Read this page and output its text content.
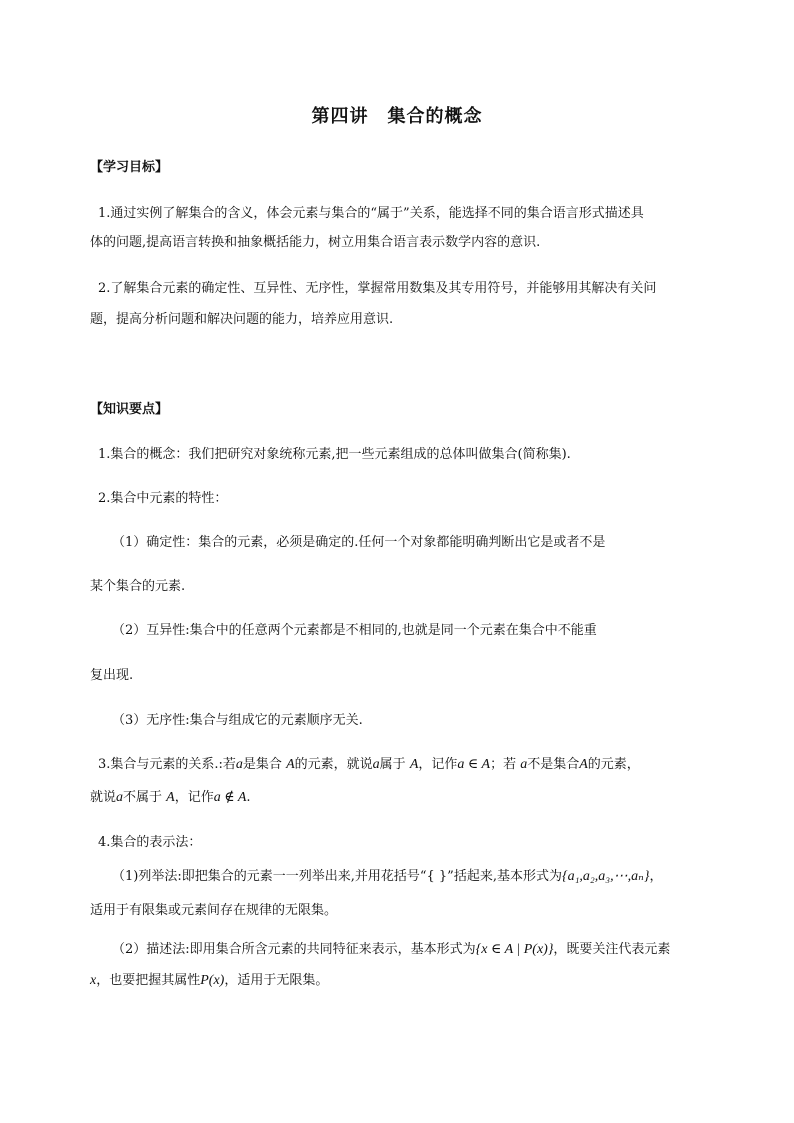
第四讲　集合的概念
【学习目标】
1.通过实例了解集合的含义，体会元素与集合的“属于”关系，能选择不同的集合语言形式描述具
体的问题,提高语言转换和抽象概括能力，树立用集合语言表示数学内容的意识.
2.了解集合元素的确定性、互异性、无序性，掌握常用数集及其专用符号，并能够用其解决有关问
题，提高分析问题和解决问题的能力，培养应用意识.
【知识要点】
1.集合的概念：我们把研究对象统称元素,把一些元素组成的总体叫做集合(简称集).
2.集合中元素的特性：
（1）确定性：集合的元素，必须是确定的.任何一个对象都能明确判断出它是或者不是
某个集合的元素.
（2）互异性:集合中的任意两个元素都是不相同的,也就是同一个元素在集合中不能重
复出现.
（3）无序性:集合与组成它的元素顺序无关.
3.集合与元素的关系.:若a是集合 A的元素，就说a属于 A，记作a ∈ A；若 a不是集合A的元素，
就说a不属于 A，记作a ∉ A.
4.集合的表示法：
（1)列举法:即把集合的元素一一列举出来,并用花括号“{ }”括起来,基本形式为{a₁,a₂,a₃,⋯,aₙ}，
适用于有限集或元素间存在规律的无限集。
（2）描述法:即用集合所含元素的共同特征来表示，基本形式为{x ∈ A | P(x)}，既要关注代表元素
x，也要把握其属性P(x)，适用于无限集。
